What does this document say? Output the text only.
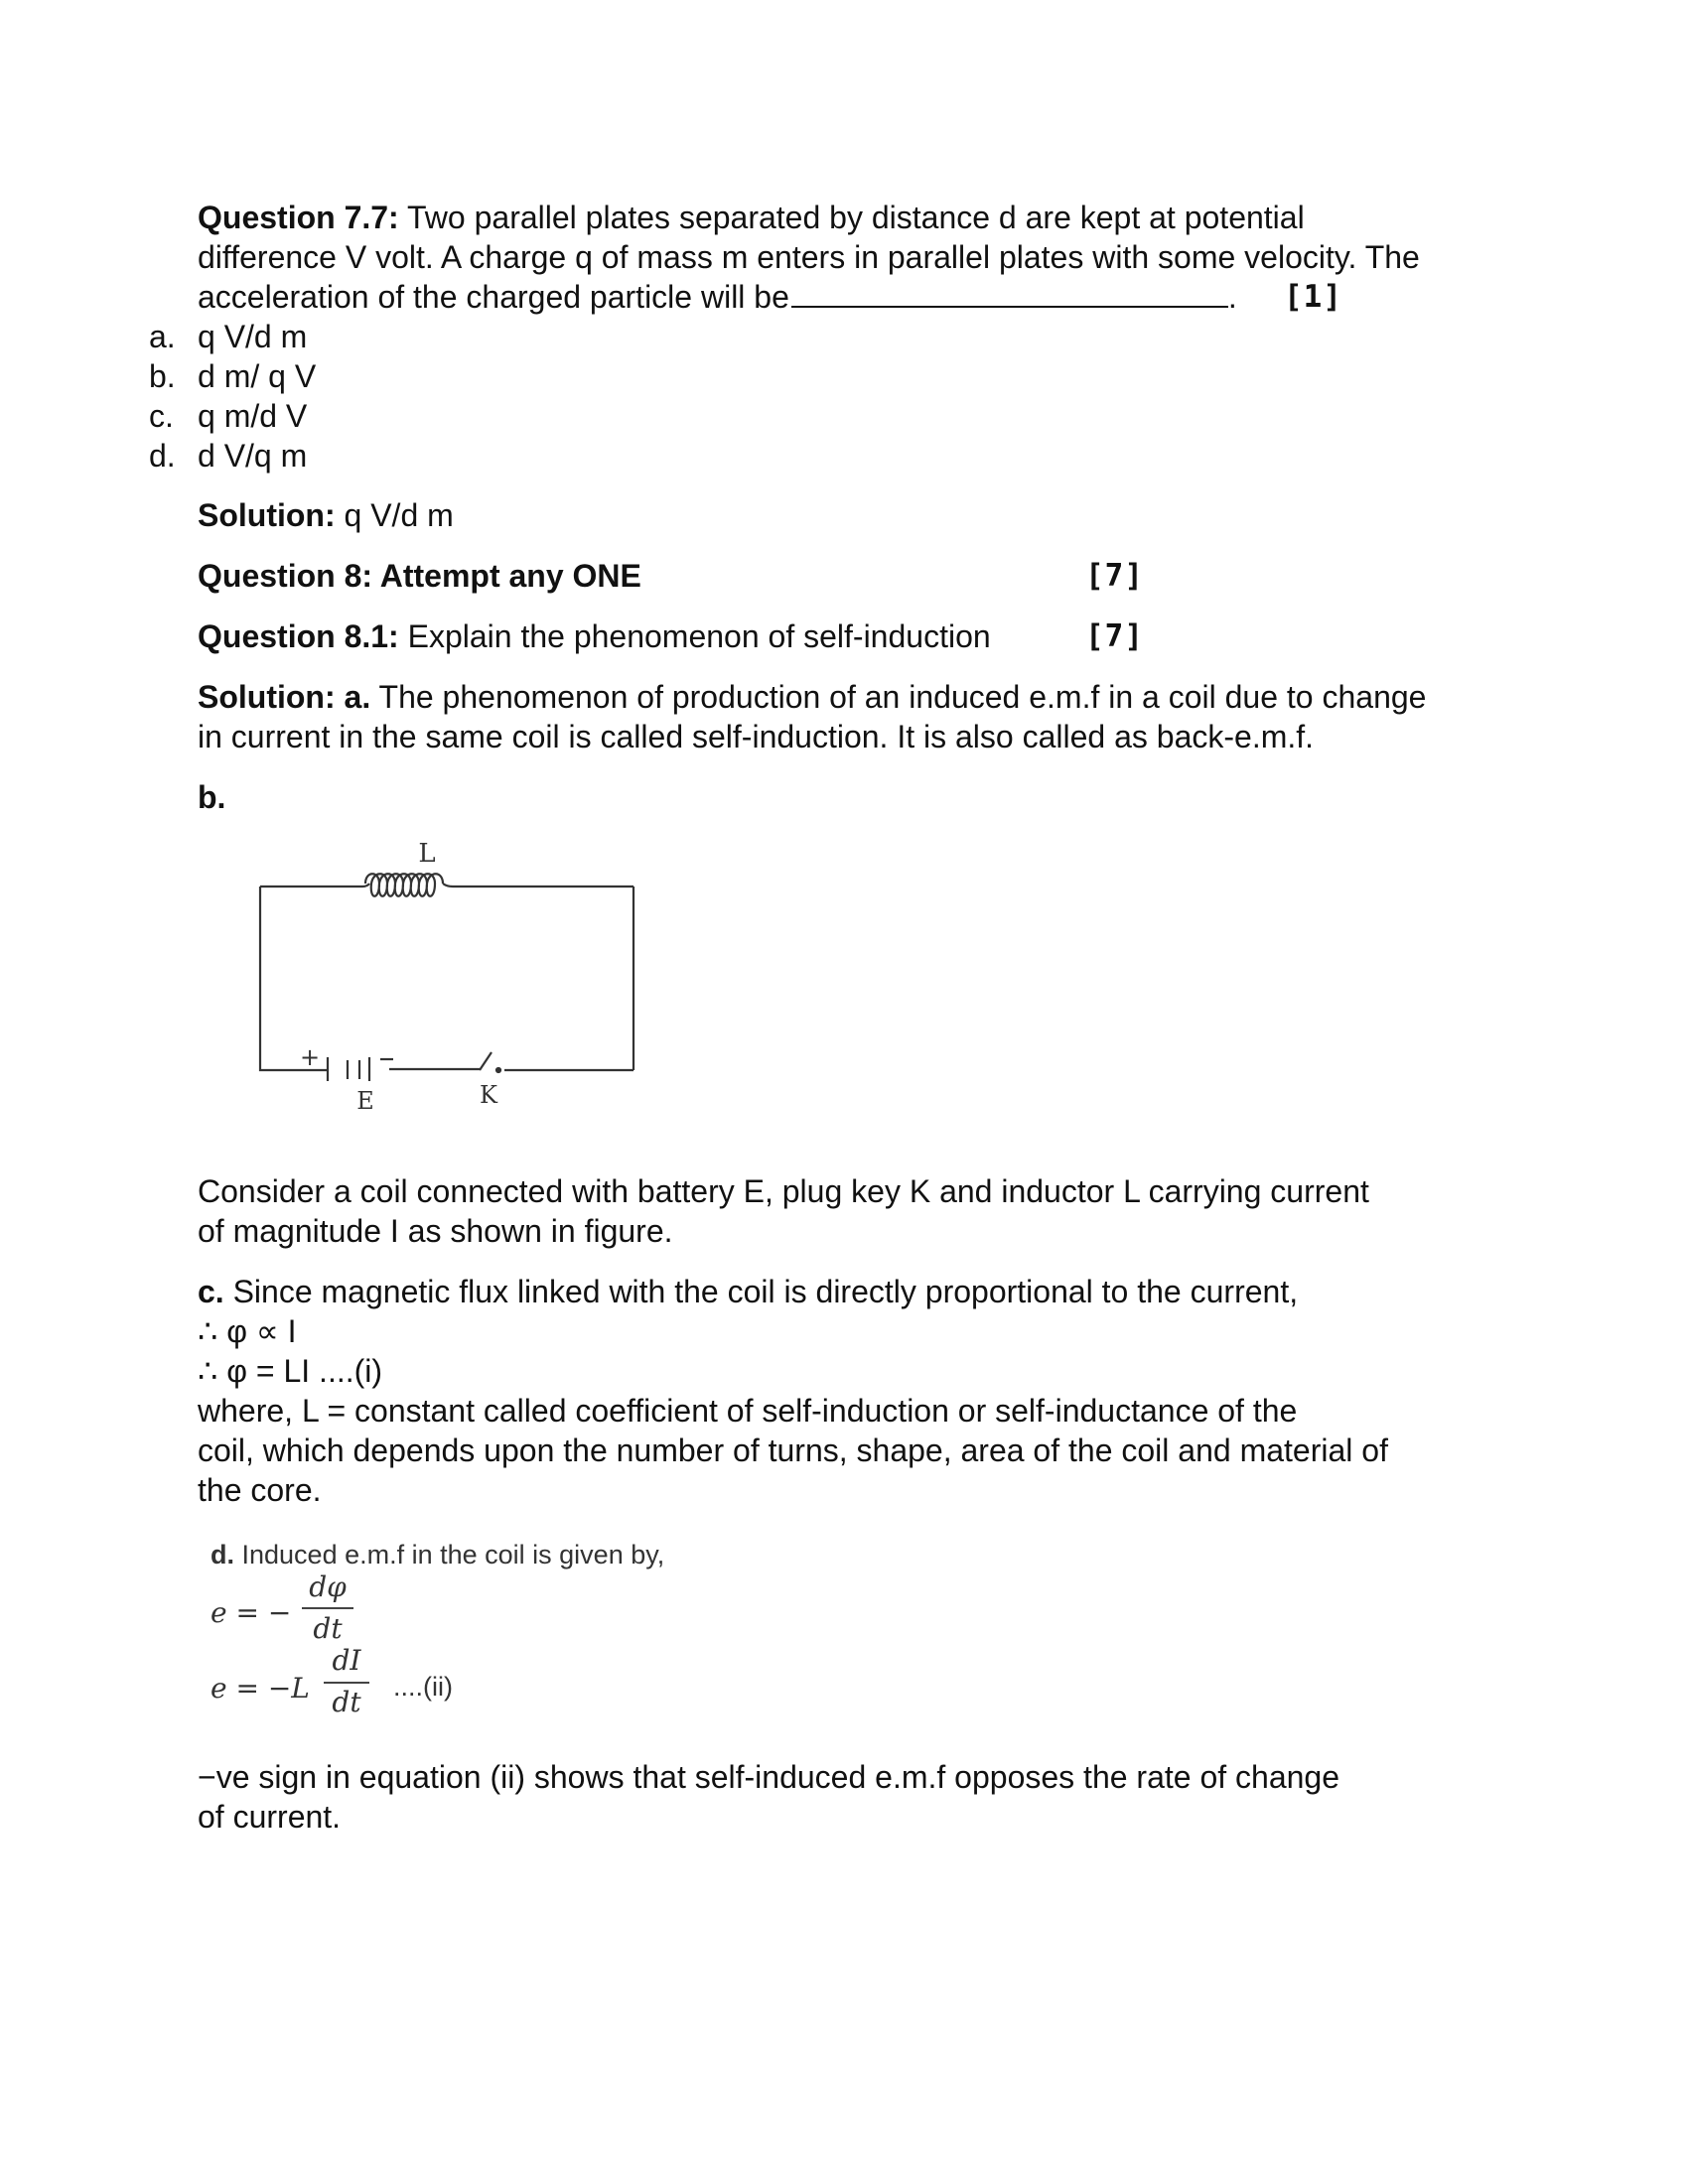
Question 7.7: Two parallel plates separated by distance d are kept at potential
difference V volt. A charge q of mass m enters in parallel plates with some velocity. The
acceleration of the charged particle will be	. [1]
a. q V/d m
b. d m/ q V
c. q m/d V
d. d V/q m
Solution: q V/d m
Question 8: Attempt any ONE	[7]
Question 8.1: Explain the phenomenon of self-induction	[7]
Solution: a. The phenomenon of production of an induced e.m.f in a coil due to change
in current in the same coil is called self-induction. It is also called as back-e.m.f.
b.
L
+
E	K
Consider a coil connected with battery E, plug key K and inductor L carrying current
of magnitude I as shown in figure.
c. Since magnetic flux linked with the coil is directly proportional to the current,
∴ φ ∝ I
∴ φ = LI ....(i)
where, L = constant called coefficient of self-induction or self-inductance of the
coil, which depends upon the number of turns, shape, area of the coil and material of
the core.
d. Induced e.m.f in the coil is given by,
e = −
dφ
dt
e = −L
dI
dt	....(ii)
−ve sign in equation (ii) shows that self-induced e.m.f opposes the rate of change
of current.
